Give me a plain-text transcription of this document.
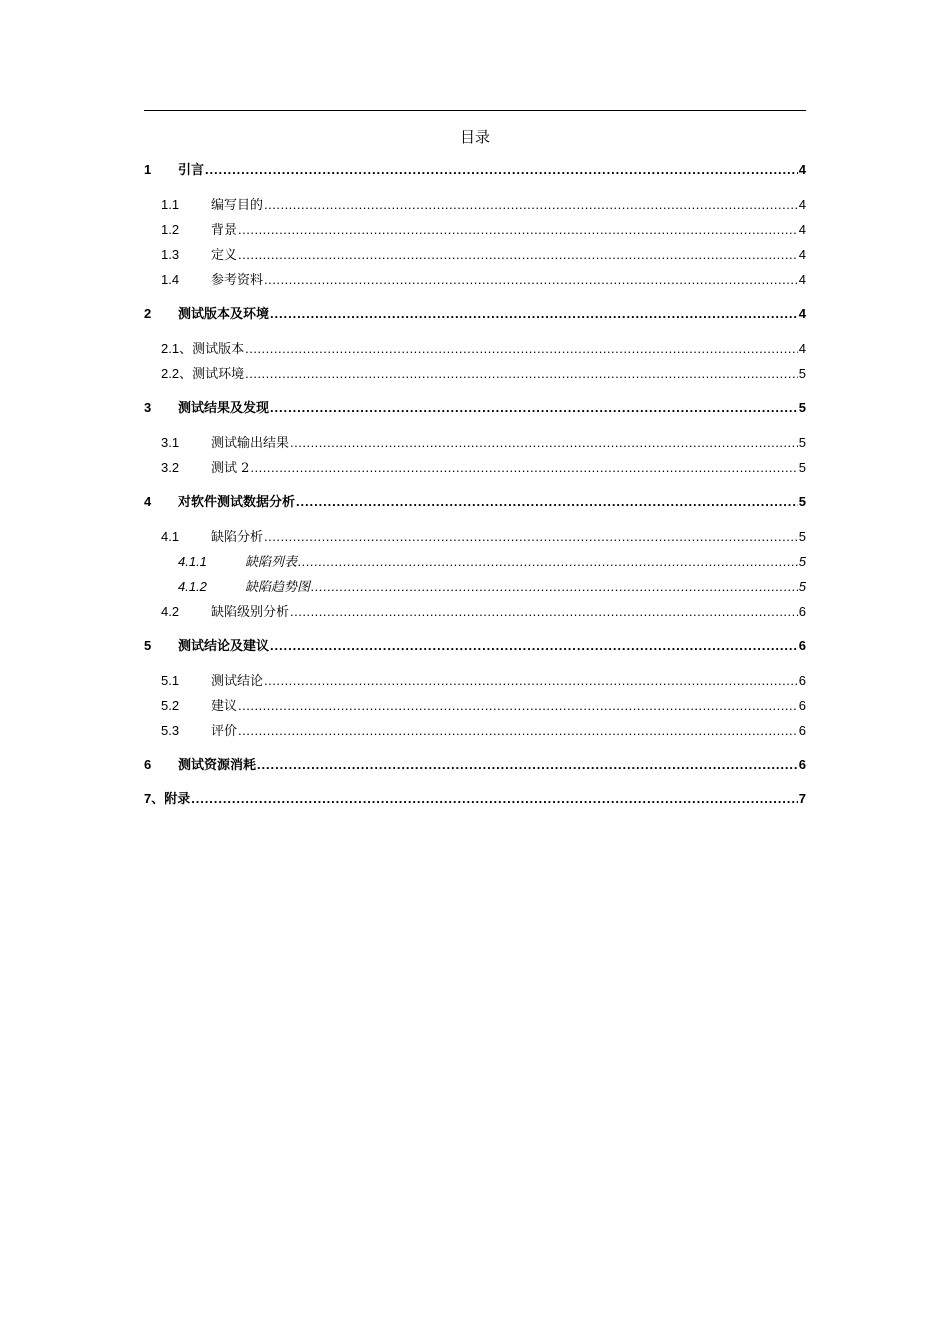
目录
1	引言 .....	4
1.1	编写目的 .....	4
1.2	背景 .....	4
1.3	定义 .....	4
1.4	参考资料 .....	4
2	测试版本及环境 .....	4
2.1、 测试版本 .....	4
2.2、 测试环境 .....	5
3	测试结果及发现 .....	5
3.1	测试输出结果 .....	5
3.2	测试 2 .....	5
4	对软件测试数据分析 .....	5
4.1	缺陷分析 .....	5
4.1.1	缺陷列表 .....	5
4.1.2	缺陷趋势图 .....	5
4.2	缺陷级别分析 .....	6
5	测试结论及建议 .....	6
5.1	测试结论 .....	6
5.2	建议 .....	6
5.3	评价 .....	6
6	测试资源消耗 .....	6
7、 附录 .....	7
